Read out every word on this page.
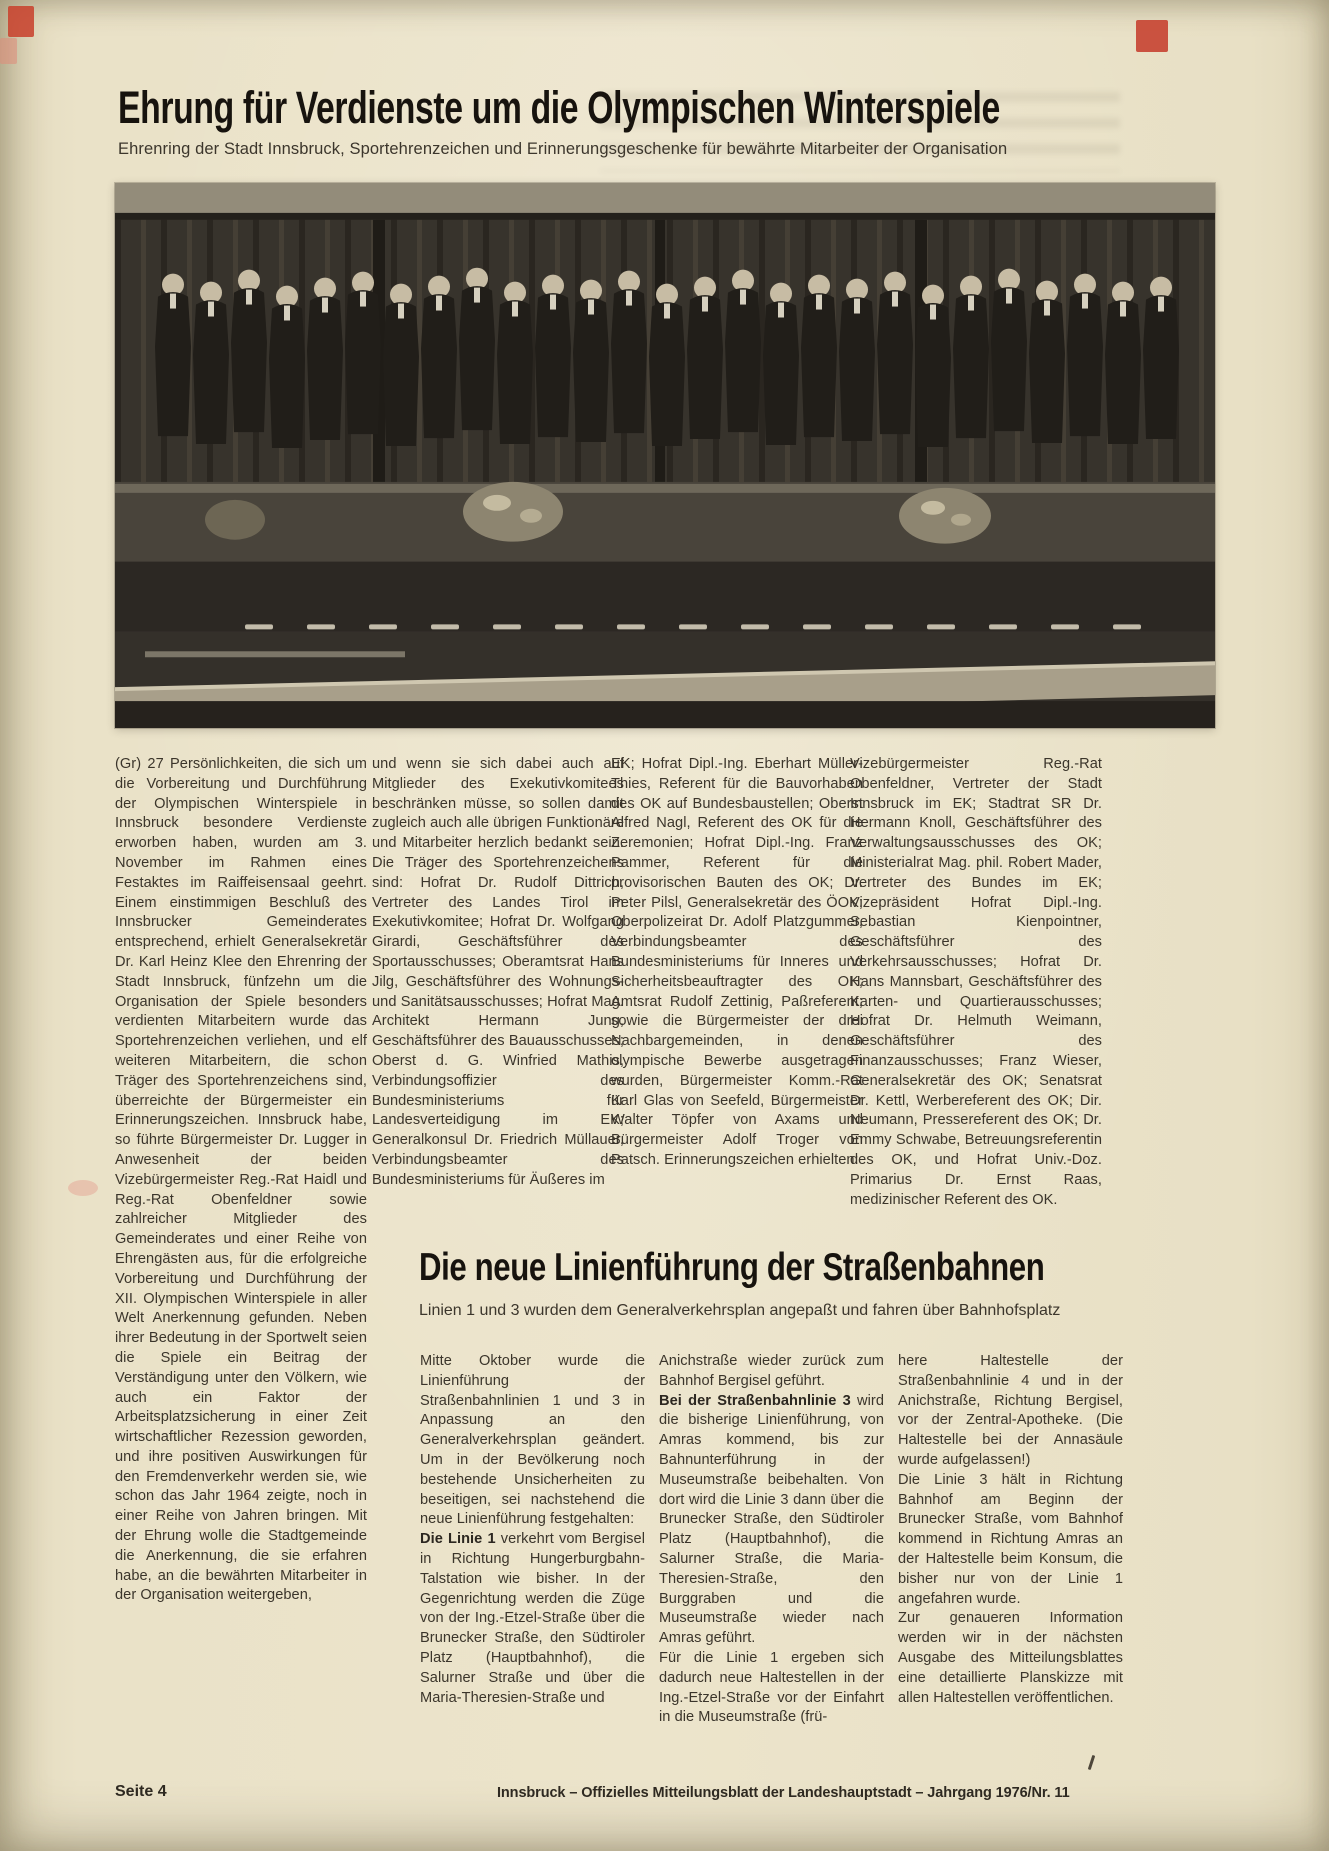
Ehrung für Verdienste um die Olympischen Winterspiele
Ehrenring der Stadt Innsbruck, Sportehrenzeichen und Erinnerungsgeschenke für bewährte Mitarbeiter der Organisation

(Gr) 27 Persönlichkeiten, die sich um die Vorbereitung und Durchführung der Olympischen Winterspiele in Innsbruck besondere Verdienste erworben haben, wurden am 3. November im Rahmen eines Festaktes im Raiffeisensaal geehrt. Einem einstimmigen Beschluß des Innsbrucker Gemeinderates entsprechend, erhielt Generalsekretär Dr. Karl Heinz Klee den Ehrenring der Stadt Innsbruck, fünfzehn um die Organisation der Spiele besonders verdienten Mitarbeitern wurde das Sportehrenzeichen verliehen, und elf weiteren Mitarbeitern, die schon Träger des Sportehrenzeichens sind, überreichte der Bürgermeister ein Erinnerungszeichen. Innsbruck habe, so führte Bürgermeister Dr. Lugger in Anwesenheit der beiden Vizebürgermeister Reg.-Rat Haidl und Reg.-Rat Obenfeldner sowie zahlreicher Mitglieder des Gemeinderates und einer Reihe von Ehrengästen aus, für die erfolgreiche Vorbereitung und Durchführung der XII. Olympischen Winterspiele in aller Welt Anerkennung gefunden. Neben ihrer Bedeutung in der Sportwelt seien die Spiele ein Beitrag der Verständigung unter den Völkern, wie auch ein Faktor der Arbeitsplatzsicherung in einer Zeit wirtschaftlicher Rezession geworden, und ihre positiven Auswirkungen für den Fremdenverkehr werden sie, wie schon das Jahr 1964 zeigte, noch in einer Reihe von Jahren bringen. Mit der Ehrung wolle die Stadtgemeinde die Anerkennung, die sie erfahren habe, an die bewährten Mitarbeiter in der Organisation weitergeben,

und wenn sie sich dabei auch auf Mitglieder des Exekutivkomitees beschränken müsse, so sollen damit zugleich auch alle übrigen Funktionäre und Mitarbeiter herzlich bedankt sein. Die Träger des Sportehrenzeichens sind: Hofrat Dr. Rudolf Dittrich, Vertreter des Landes Tirol im Exekutivkomitee; Hofrat Dr. Wolfgang Girardi, Geschäftsführer des Sportausschusses; Oberamtsrat Hans Jilg, Geschäftsführer des Wohnungs- und Sanitätsausschusses; Hofrat Mag. Architekt Hermann Jung, Geschäftsführer des Bauausschusses; Oberst d. G. Winfried Mathis, Verbindungsoffizier des Bundesministeriums für Landesverteidigung im EK; Generalkonsul Dr. Friedrich Müllauer, Verbindungsbeamter des Bundesministeriums für Äußeres im

EK; Hofrat Dipl.-Ing. Eberhart Müller-Thies, Referent für die Bauvorhaben des OK auf Bundesbaustellen; Oberst Alfred Nagl, Referent des OK für die Zeremonien; Hofrat Dipl.-Ing. Franz Pammer, Referent für die provisorischen Bauten des OK; Dr. Peter Pilsl, Generalsekretär des ÖOK; Oberpolizeirat Dr. Adolf Platzgummer, Verbindungsbeamter des Bundesministeriums für Inneres und Sicherheitsbeauftragter des OK; Amtsrat Rudolf Zettinig, Paßreferent; sowie die Bürgermeister der drei Nachbargemeinden, in denen olympische Bewerbe ausgetragen wurden, Bürgermeister Komm.-Rat Karl Glas von Seefeld, Bürgermeister Walter Töpfer von Axams und Bürgermeister Adolf Troger von Patsch. Erinnerungszeichen erhielten:

Vizebürgermeister Reg.-Rat Obenfeldner, Vertreter der Stadt Innsbruck im EK; Stadtrat SR Dr. Hermann Knoll, Geschäftsführer des Verwaltungsausschusses des OK; Ministerialrat Mag. phil. Robert Mader, Vertreter des Bundes im EK; Vizepräsident Hofrat Dipl.-Ing. Sebastian Kienpointner, Geschäftsführer des Verkehrsausschusses; Hofrat Dr. Hans Mannsbart, Geschäftsführer des Karten- und Quartierausschusses; Hofrat Dr. Helmuth Weimann, Geschäftsführer des Finanzausschusses; Franz Wieser, Generalsekretär des OK; Senatsrat Dr. Kettl, Werbereferent des OK; Dir. Neumann, Pressereferent des OK; Dr. Emmy Schwabe, Betreuungsreferentin des OK, und Hofrat Univ.-Doz. Primarius Dr. Ernst Raas, medizinischer Referent des OK.

Die neue Linienführung der Straßenbahnen
Linien 1 und 3 wurden dem Generalverkehrsplan angepaßt und fahren über Bahnhofsplatz

Mitte Oktober wurde die Linienführung der Straßenbahnlinien 1 und 3 in Anpassung an den Generalverkehrsplan geändert. Um in der Bevölkerung noch bestehende Unsicherheiten zu beseitigen, sei nachstehend die neue Linienführung festgehalten:

Die Linie 1 verkehrt vom Bergisel in Richtung Hungerburgbahn-Talstation wie bisher. In der Gegenrichtung werden die Züge von der Ing.-Etzel-Straße über die Brunecker Straße, den Südtiroler Platz (Hauptbahnhof), die Salurner Straße und über die Maria-Theresien-Straße und

Anichstraße wieder zurück zum Bahnhof Bergisel geführt.

Bei der Straßenbahnlinie 3 wird die bisherige Linienführung, von Amras kommend, bis zur Bahnunterführung in der Museumstraße beibehalten. Von dort wird die Linie 3 dann über die Brunecker Straße, den Südtiroler Platz (Hauptbahnhof), die Salurner Straße, die Maria-Theresien-Straße, den Burggraben und die Museumstraße wieder nach Amras geführt.

Für die Linie 1 ergeben sich dadurch neue Haltestellen in der Ing.-Etzel-Straße vor der Einfahrt in die Museumstraße (frü-

here Haltestelle der Straßenbahnlinie 4 und in der Anichstraße, Richtung Bergisel, vor der Zentral-Apotheke. (Die Haltestelle bei der Annasäule wurde aufgelassen!)

Die Linie 3 hält in Richtung Bahnhof am Beginn der Brunecker Straße, vom Bahnhof kommend in Richtung Amras an der Haltestelle beim Konsum, die bisher nur von der Linie 1 angefahren wurde.

Zur genaueren Information werden wir in der nächsten Ausgabe des Mitteilungsblattes eine detaillierte Planskizze mit allen Haltestellen veröffentlichen.

Seite 4	Innsbruck – Offizielles Mitteilungsblatt der Landeshauptstadt – Jahrgang 1976/Nr. 11
